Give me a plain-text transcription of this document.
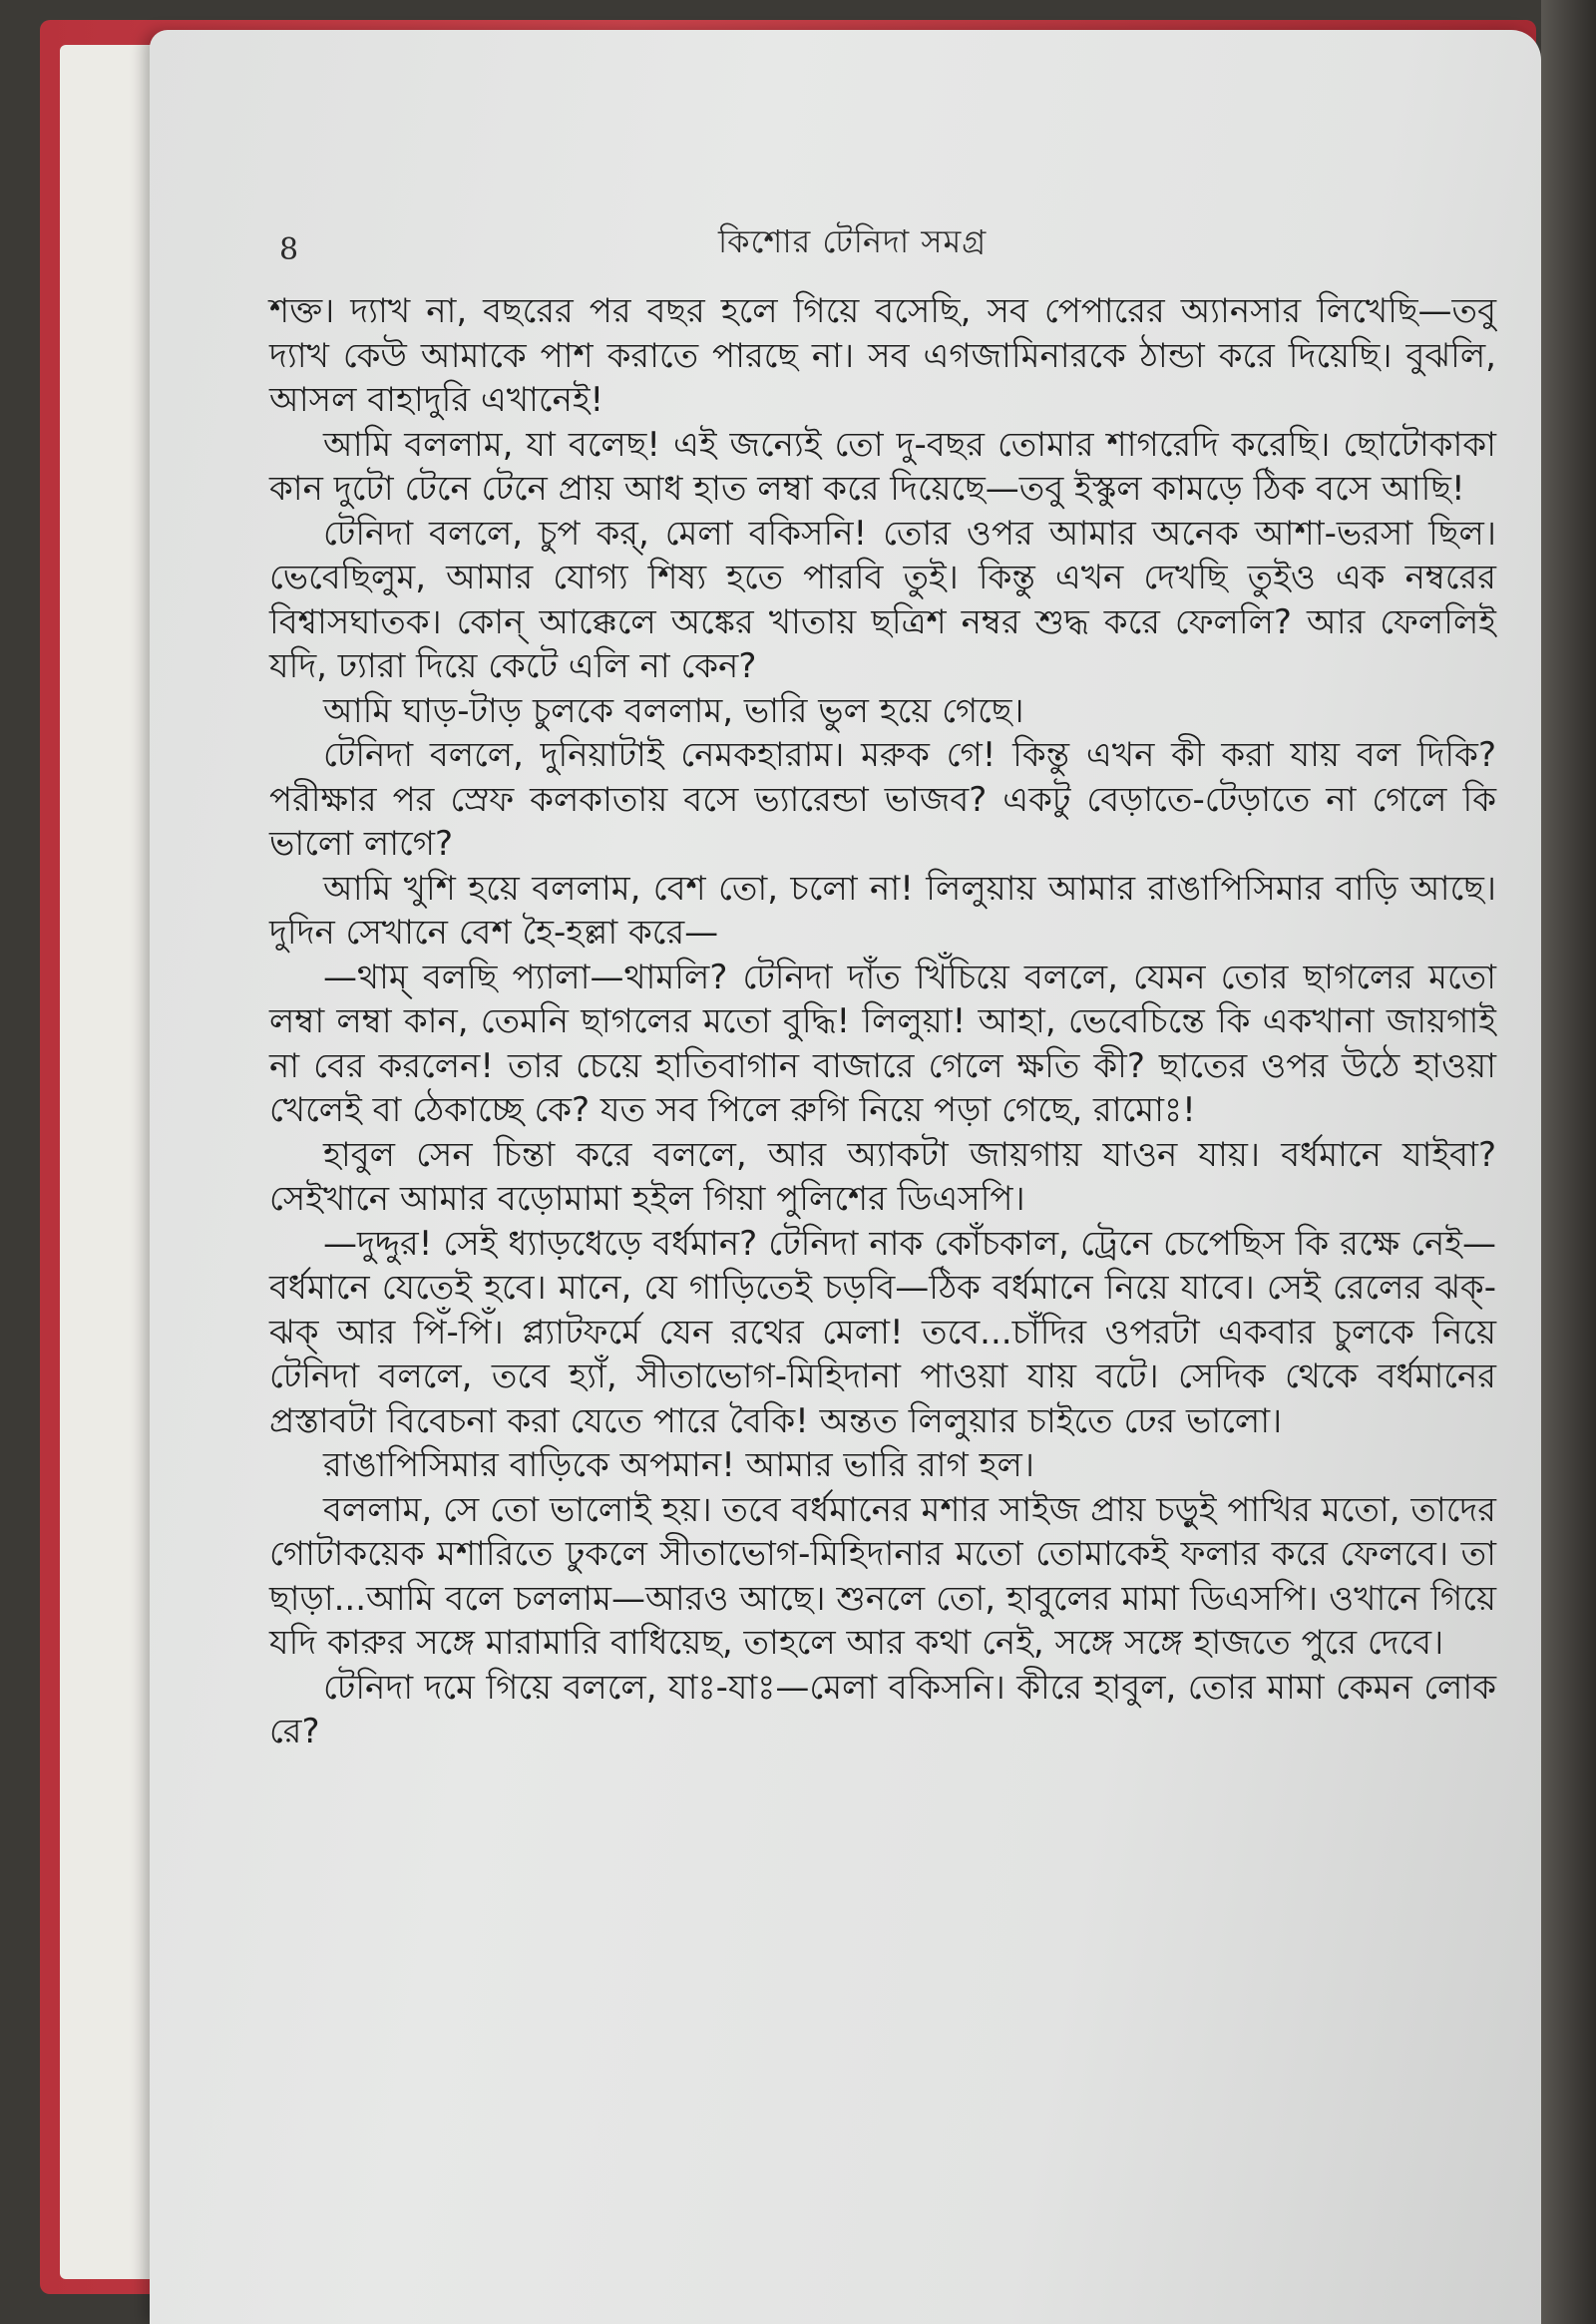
8	কিশোর টেনিদা সমগ্র

শক্ত। দ্যাখ না, বছরের পর বছর হলে গিয়ে বসেছি, সব পেপারের অ্যানসার লিখেছি—তবু দ্যাখ কেউ আমাকে পাশ করাতে পারছে না। সব এগজামিনারকে ঠান্ডা করে দিয়েছি। বুঝলি, আসল বাহাদুরি এখানেই!

আমি বললাম, যা বলেছ! এই জন্যেই তো দু-বছর তোমার শাগরেদি করেছি। ছোটোকাকা কান দুটো টেনে টেনে প্রায় আধ হাত লম্বা করে দিয়েছে—তবু ইস্কুল কামড়ে ঠিক বসে আছি!

টেনিদা বললে, চুপ কর্, মেলা বকিসনি! তোর ওপর আমার অনেক আশা-ভরসা ছিল। ভেবেছিলুম, আমার যোগ্য শিষ্য হতে পারবি তুই। কিন্তু এখন দেখছি তুইও এক নম্বরের বিশ্বাসঘাতক। কোন্ আক্কেলে অঙ্কের খাতায় ছত্রিশ নম্বর শুদ্ধ করে ফেললি? আর ফেললিই যদি, ঢ্যারা দিয়ে কেটে এলি না কেন?

আমি ঘাড়-টাড় চুলকে বললাম, ভারি ভুল হয়ে গেছে।

টেনিদা বললে, দুনিয়াটাই নেমকহারাম। মরুক গে! কিন্তু এখন কী করা যায় বল দিকি? পরীক্ষার পর স্রেফ কলকাতায় বসে ভ্যারেন্ডা ভাজব? একটু বেড়াতে-টেড়াতে না গেলে কি ভালো লাগে?

আমি খুশি হয়ে বললাম, বেশ তো, চলো না! লিলুয়ায় আমার রাঙাপিসিমার বাড়ি আছে। দুদিন সেখানে বেশ হৈ-হল্লা করে—

—থাম্ বলছি প্যালা—থামলি? টেনিদা দাঁত খিঁচিয়ে বললে, যেমন তোর ছাগলের মতো লম্বা লম্বা কান, তেমনি ছাগলের মতো বুদ্ধি! লিলুয়া! আহা, ভেবেচিন্তে কি একখানা জায়গাই না বের করলেন! তার চেয়ে হাতিবাগান বাজারে গেলে ক্ষতি কী? ছাতের ওপর উঠে হাওয়া খেলেই বা ঠেকাচ্ছে কে? যত সব পিলে রুগি নিয়ে পড়া গেছে, রামোঃ!

হাবুল সেন চিন্তা করে বললে, আর অ্যাকটা জায়গায় যাওন যায়। বর্ধমানে যাইবা? সেইখানে আমার বড়োমামা হইল গিয়া পুলিশের ডিএসপি।

—দুদ্দুর! সেই ধ্যাড়ধেড়ে বর্ধমান? টেনিদা নাক কোঁচকাল, ট্রেনে চেপেছিস কি রক্ষে নেই—বর্ধমানে যেতেই হবে। মানে, যে গাড়িতেই চড়বি—ঠিক বর্ধমানে নিয়ে যাবে। সেই রেলের ঝক্-ঝক্ আর পিঁ-পিঁ। প্ল্যাটফর্মে যেন রথের মেলা! তবে...চাঁদির ওপরটা একবার চুলকে নিয়ে টেনিদা বললে, তবে হ্যাঁ, সীতাভোগ-মিহিদানা পাওয়া যায় বটে। সেদিক থেকে বর্ধমানের প্রস্তাবটা বিবেচনা করা যেতে পারে বৈকি! অন্তত লিলুয়ার চাইতে ঢের ভালো।

রাঙাপিসিমার বাড়িকে অপমান! আমার ভারি রাগ হল।

বললাম, সে তো ভালোই হয়। তবে বর্ধমানের মশার সাইজ প্রায় চড়ুই পাখির মতো, তাদের গোটাকয়েক মশারিতে ঢুকলে সীতাভোগ-মিহিদানার মতো তোমাকেই ফলার করে ফেলবে। তা ছাড়া...আমি বলে চললাম—আরও আছে। শুনলে তো, হাবুলের মামা ডিএসপি। ওখানে গিয়ে যদি কারুর সঙ্গে মারামারি বাধিয়েছ, তাহলে আর কথা নেই, সঙ্গে সঙ্গে হাজতে পুরে দেবে।

টেনিদা দমে গিয়ে বললে, যাঃ-যাঃ—মেলা বকিসনি। কীরে হাবুল, তোর মামা কেমন লোক রে?
